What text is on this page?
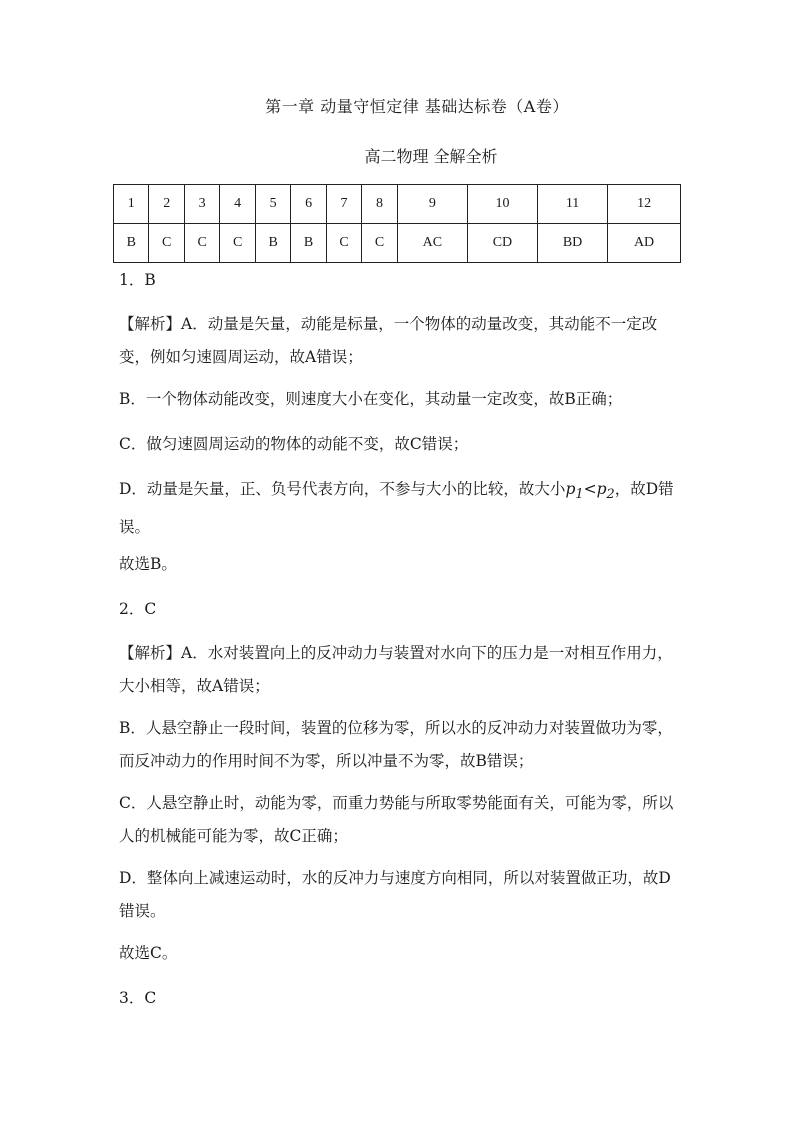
第一章 动量守恒定律 基础达标卷（A卷）
高二物理 全解全析
1	2	3	4	5	6	7	8	9	10	11	12
B	C	C	C	B	B	C	C	AC	CD	BD	AD

1．B

【解析】A．动量是矢量，动能是标量，一个物体的动量改变，其动能不一定改变，例如匀速圆周运动，故A错误；

B．一个物体动能改变，则速度大小在变化，其动量一定改变，故B正确；

C．做匀速圆周运动的物体的动能不变，故C错误；

D．动量是矢量，正、负号代表方向，不参与大小的比较，故大小$p_1<p_2$，故D错误。

故选B。

2．C

【解析】A．水对装置向上的反冲动力与装置对水向下的压力是一对相互作用力，大小相等，故A错误；

B．人悬空静止一段时间，装置的位移为零，所以水的反冲动力对装置做功为零，而反冲动力的作用时间不为零，所以冲量不为零，故B错误；

C．人悬空静止时，动能为零，而重力势能与所取零势能面有关，可能为零，所以人的机械能可能为零，故C正确；

D．整体向上减速运动时，水的反冲力与速度方向相同，所以对装置做正功，故D错误。

故选C。

3．C
